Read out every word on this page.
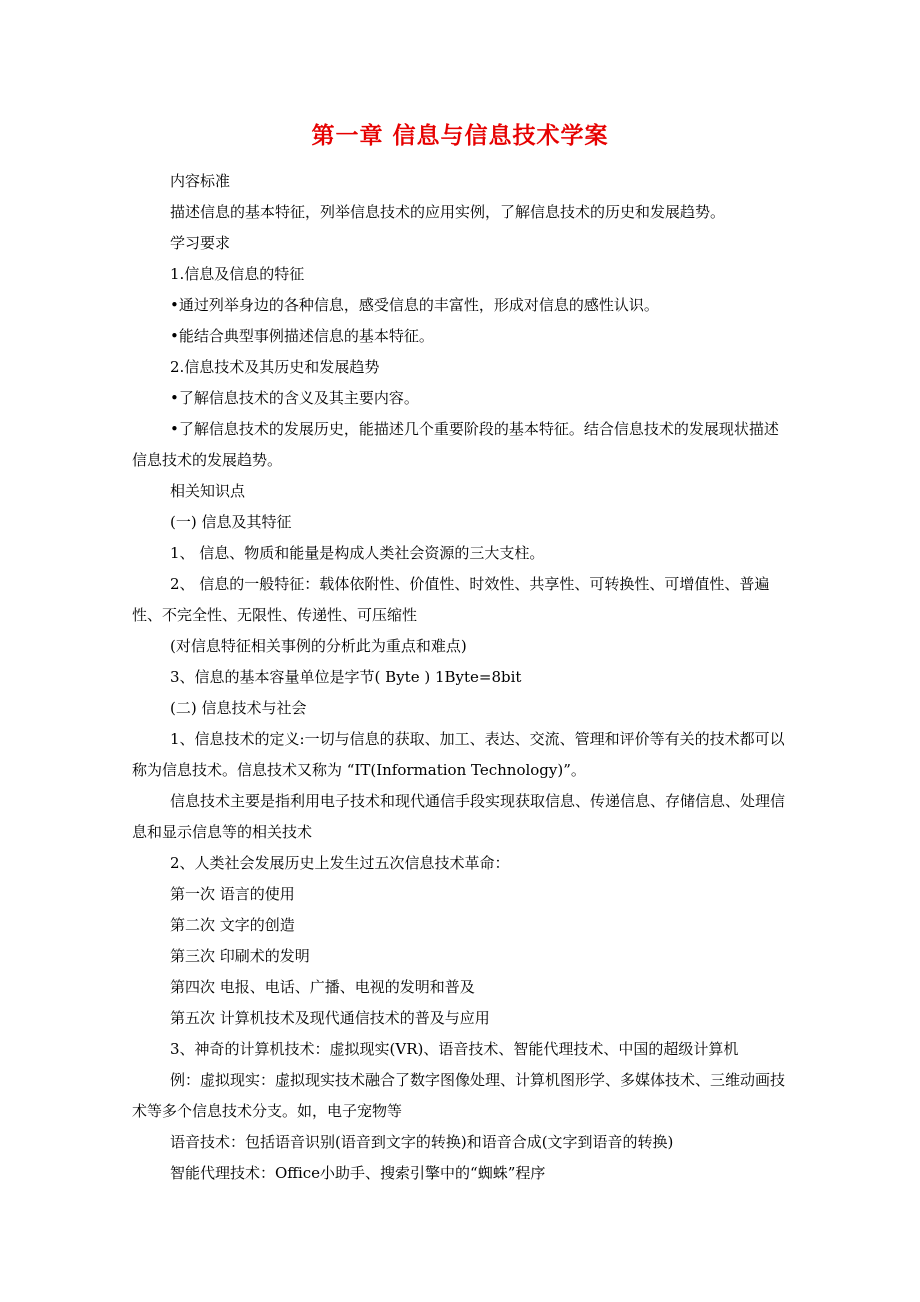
第一章 信息与信息技术学案

内容标准

描述信息的基本特征，列举信息技术的应用实例，了解信息技术的历史和发展趋势。

学习要求

1.信息及信息的特征

•通过列举身边的各种信息，感受信息的丰富性，形成对信息的感性认识。

•能结合典型事例描述信息的基本特征。

2.信息技术及其历史和发展趋势

•了解信息技术的含义及其主要内容。

•了解信息技术的发展历史，能描述几个重要阶段的基本特征。结合信息技术的发展现状描述信息技术的发展趋势。

相关知识点

(一) 信息及其特征

1、 信息、物质和能量是构成人类社会资源的三大支柱。

2、 信息的一般特征：载体依附性、价值性、时效性、共享性、可转换性、可增值性、普遍性、不完全性、无限性、传递性、可压缩性

(对信息特征相关事例的分析此为重点和难点)

3、信息的基本容量单位是字节( Byte ) 1Byte=8bit

(二) 信息技术与社会

1、信息技术的定义:一切与信息的获取、加工、表达、交流、管理和评价等有关的技术都可以称为信息技术。信息技术又称为 “IT(Information Technology)”。

信息技术主要是指利用电子技术和现代通信手段实现获取信息、传递信息、存储信息、处理信息和显示信息等的相关技术

2、人类社会发展历史上发生过五次信息技术革命：

第一次 语言的使用

第二次 文字的创造

第三次 印刷术的发明

第四次 电报、电话、广播、电视的发明和普及

第五次 计算机技术及现代通信技术的普及与应用

3、神奇的计算机技术：虚拟现实(VR)、语音技术、智能代理技术、中国的超级计算机

例：虚拟现实：虚拟现实技术融合了数字图像处理、计算机图形学、多媒体技术、三维动画技术等多个信息技术分支。如，电子宠物等

语音技术：包括语音识别(语音到文字的转换)和语音合成(文字到语音的转换)

智能代理技术：Office小助手、搜索引擎中的“蜘蛛”程序
